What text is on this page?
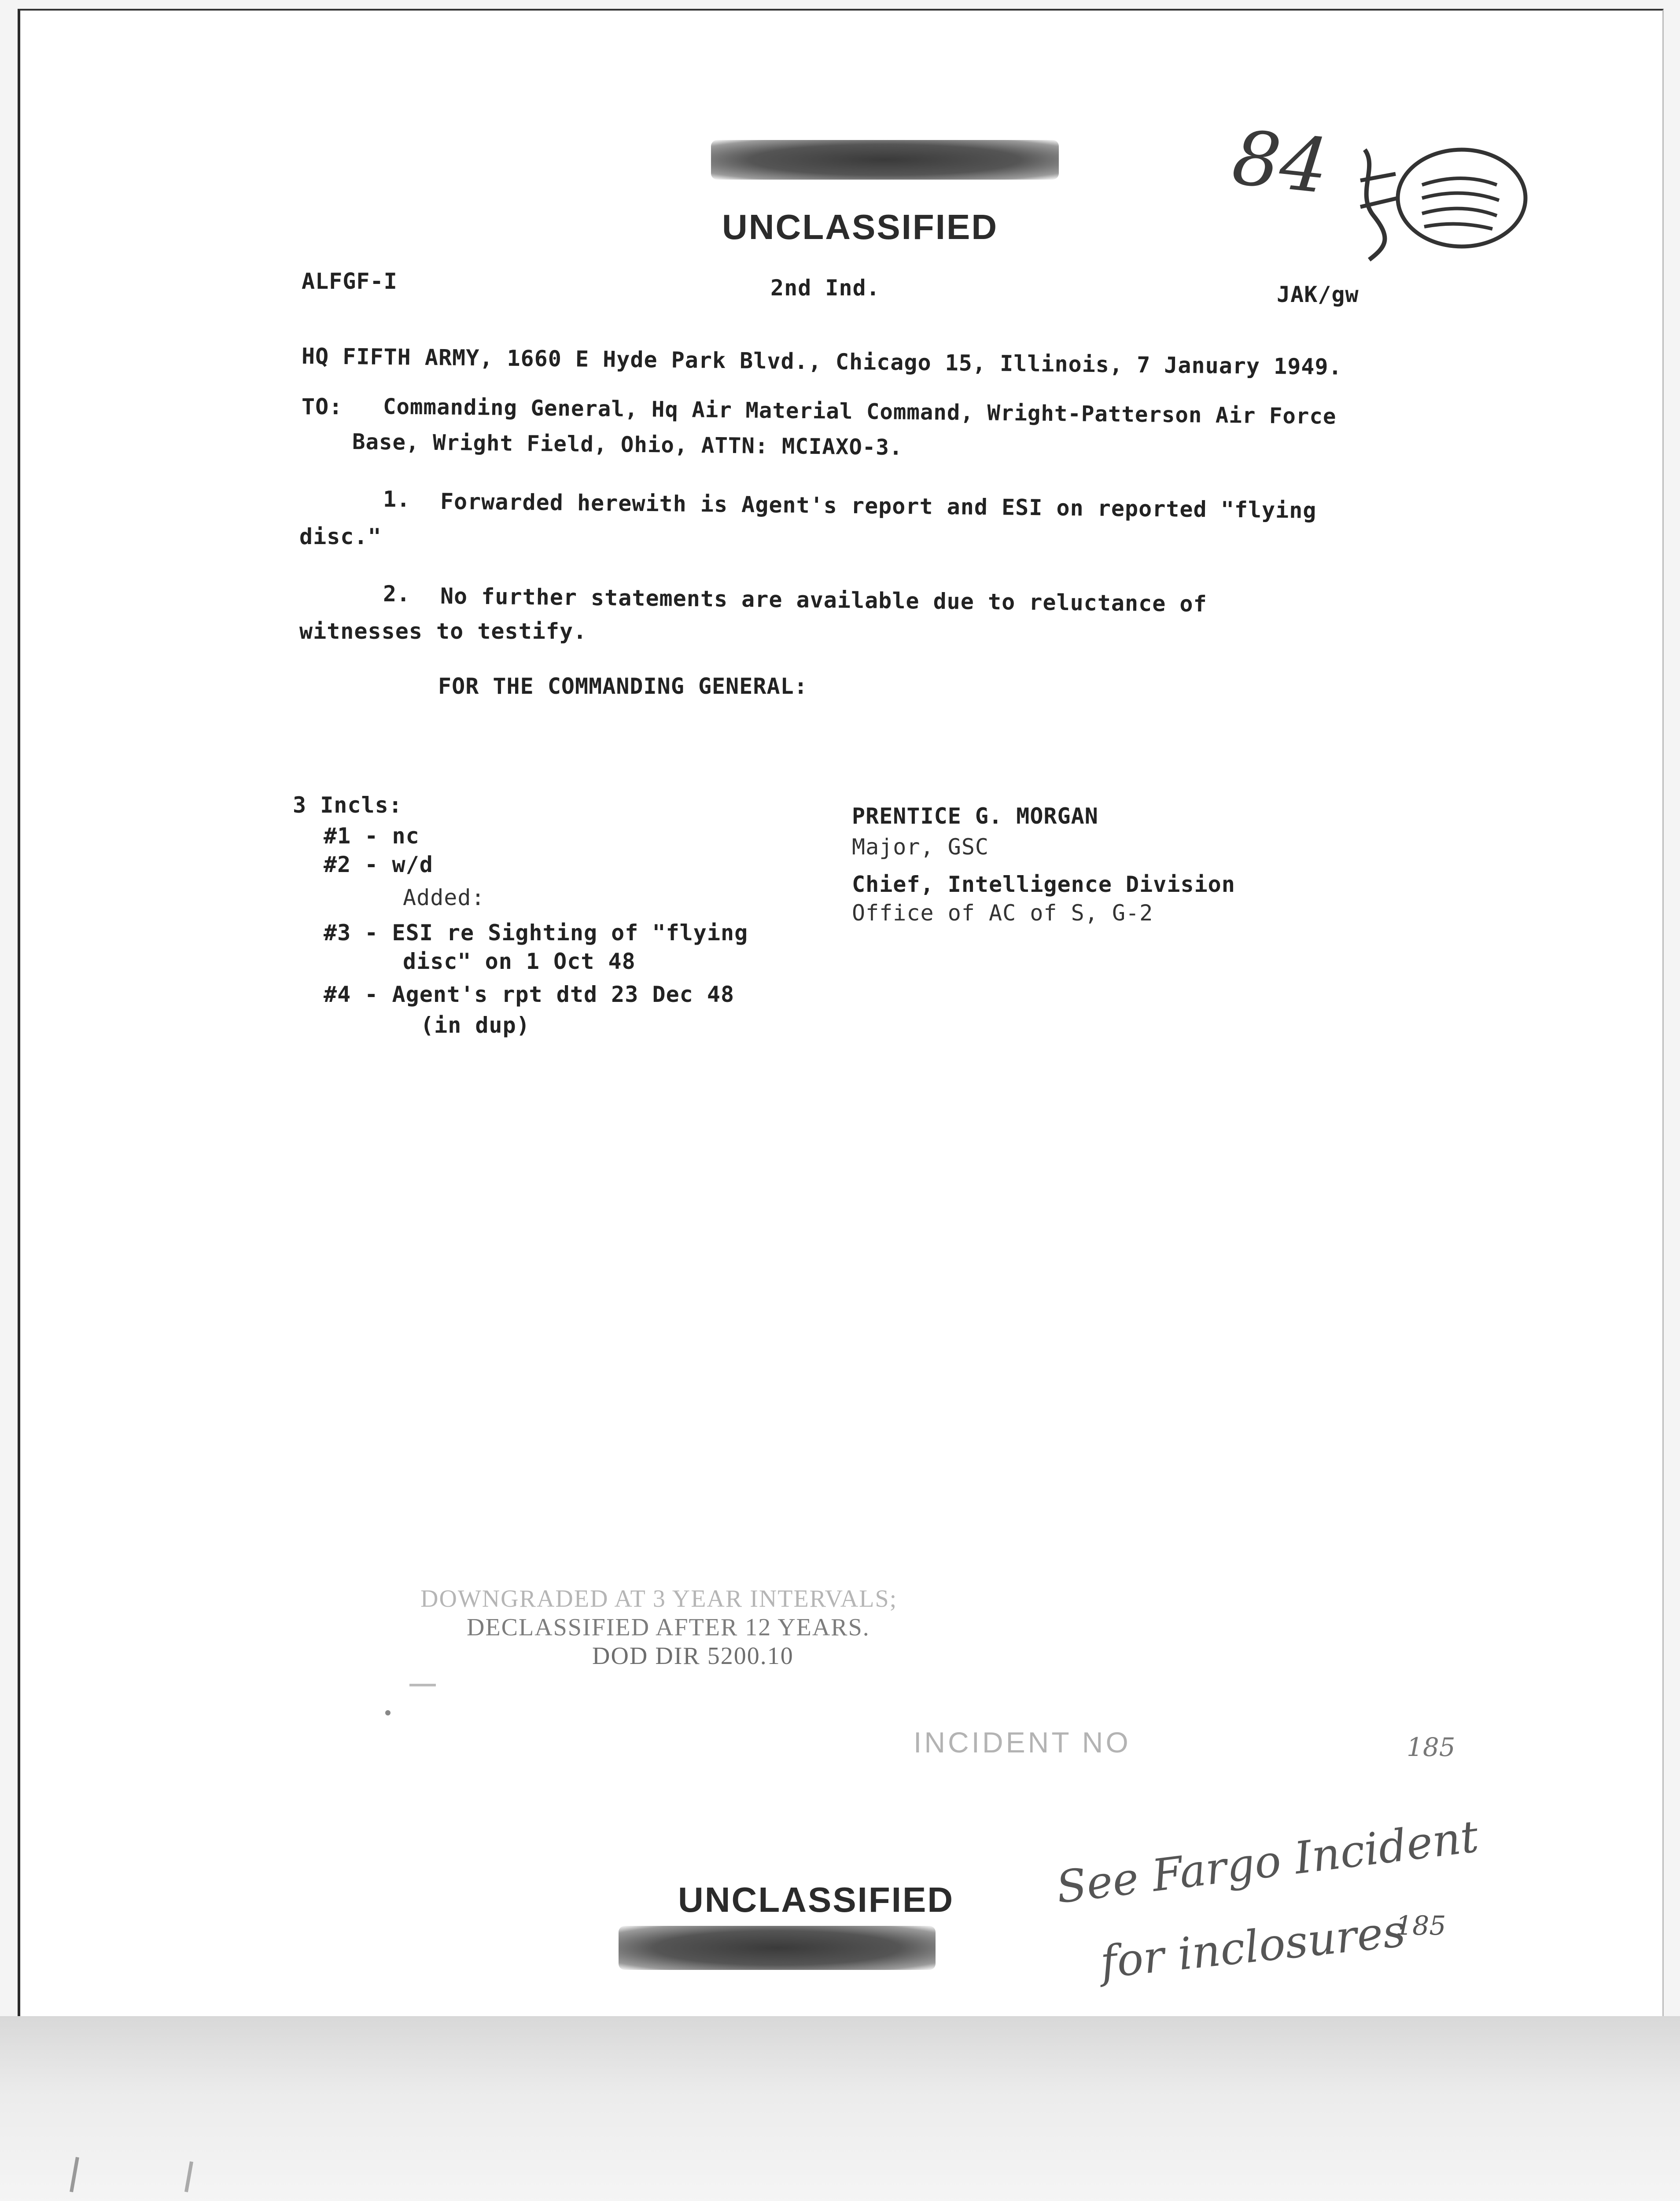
84
UNCLASSIFIED
ALFGF-I	2nd Ind.	JAK/gw
HQ FIFTH ARMY, 1660 E Hyde Park Blvd., Chicago 15, Illinois, 7 January 1949.
TO: Commanding General, Hq Air Material Command, Wright-Patterson Air Force
Base, Wright Field, Ohio, ATTN: MCIAXO-3.
1. Forwarded herewith is Agent's report and ESI on reported "flying
disc."
2. No further statements are available due to reluctance of
witnesses to testify.
FOR THE COMMANDING GENERAL:
3 Incls:
#1 - nc
#2 - w/d
Added:
#3 - ESI re Sighting of "flying
disc" on 1 Oct 48
#4 - Agent's rpt dtd 23 Dec 48
(in dup)
PRENTICE G. MORGAN
Major, GSC
Chief, Intelligence Division
Office of AC of S, G-2
DOWNGRADED AT 3 YEAR INTERVALS;
DECLASSIFIED AFTER 12 YEARS.
DOD DIR 5200.10
INCIDENT NO	185
UNCLASSIFIED See Fargo Incident
for inclosures
185
